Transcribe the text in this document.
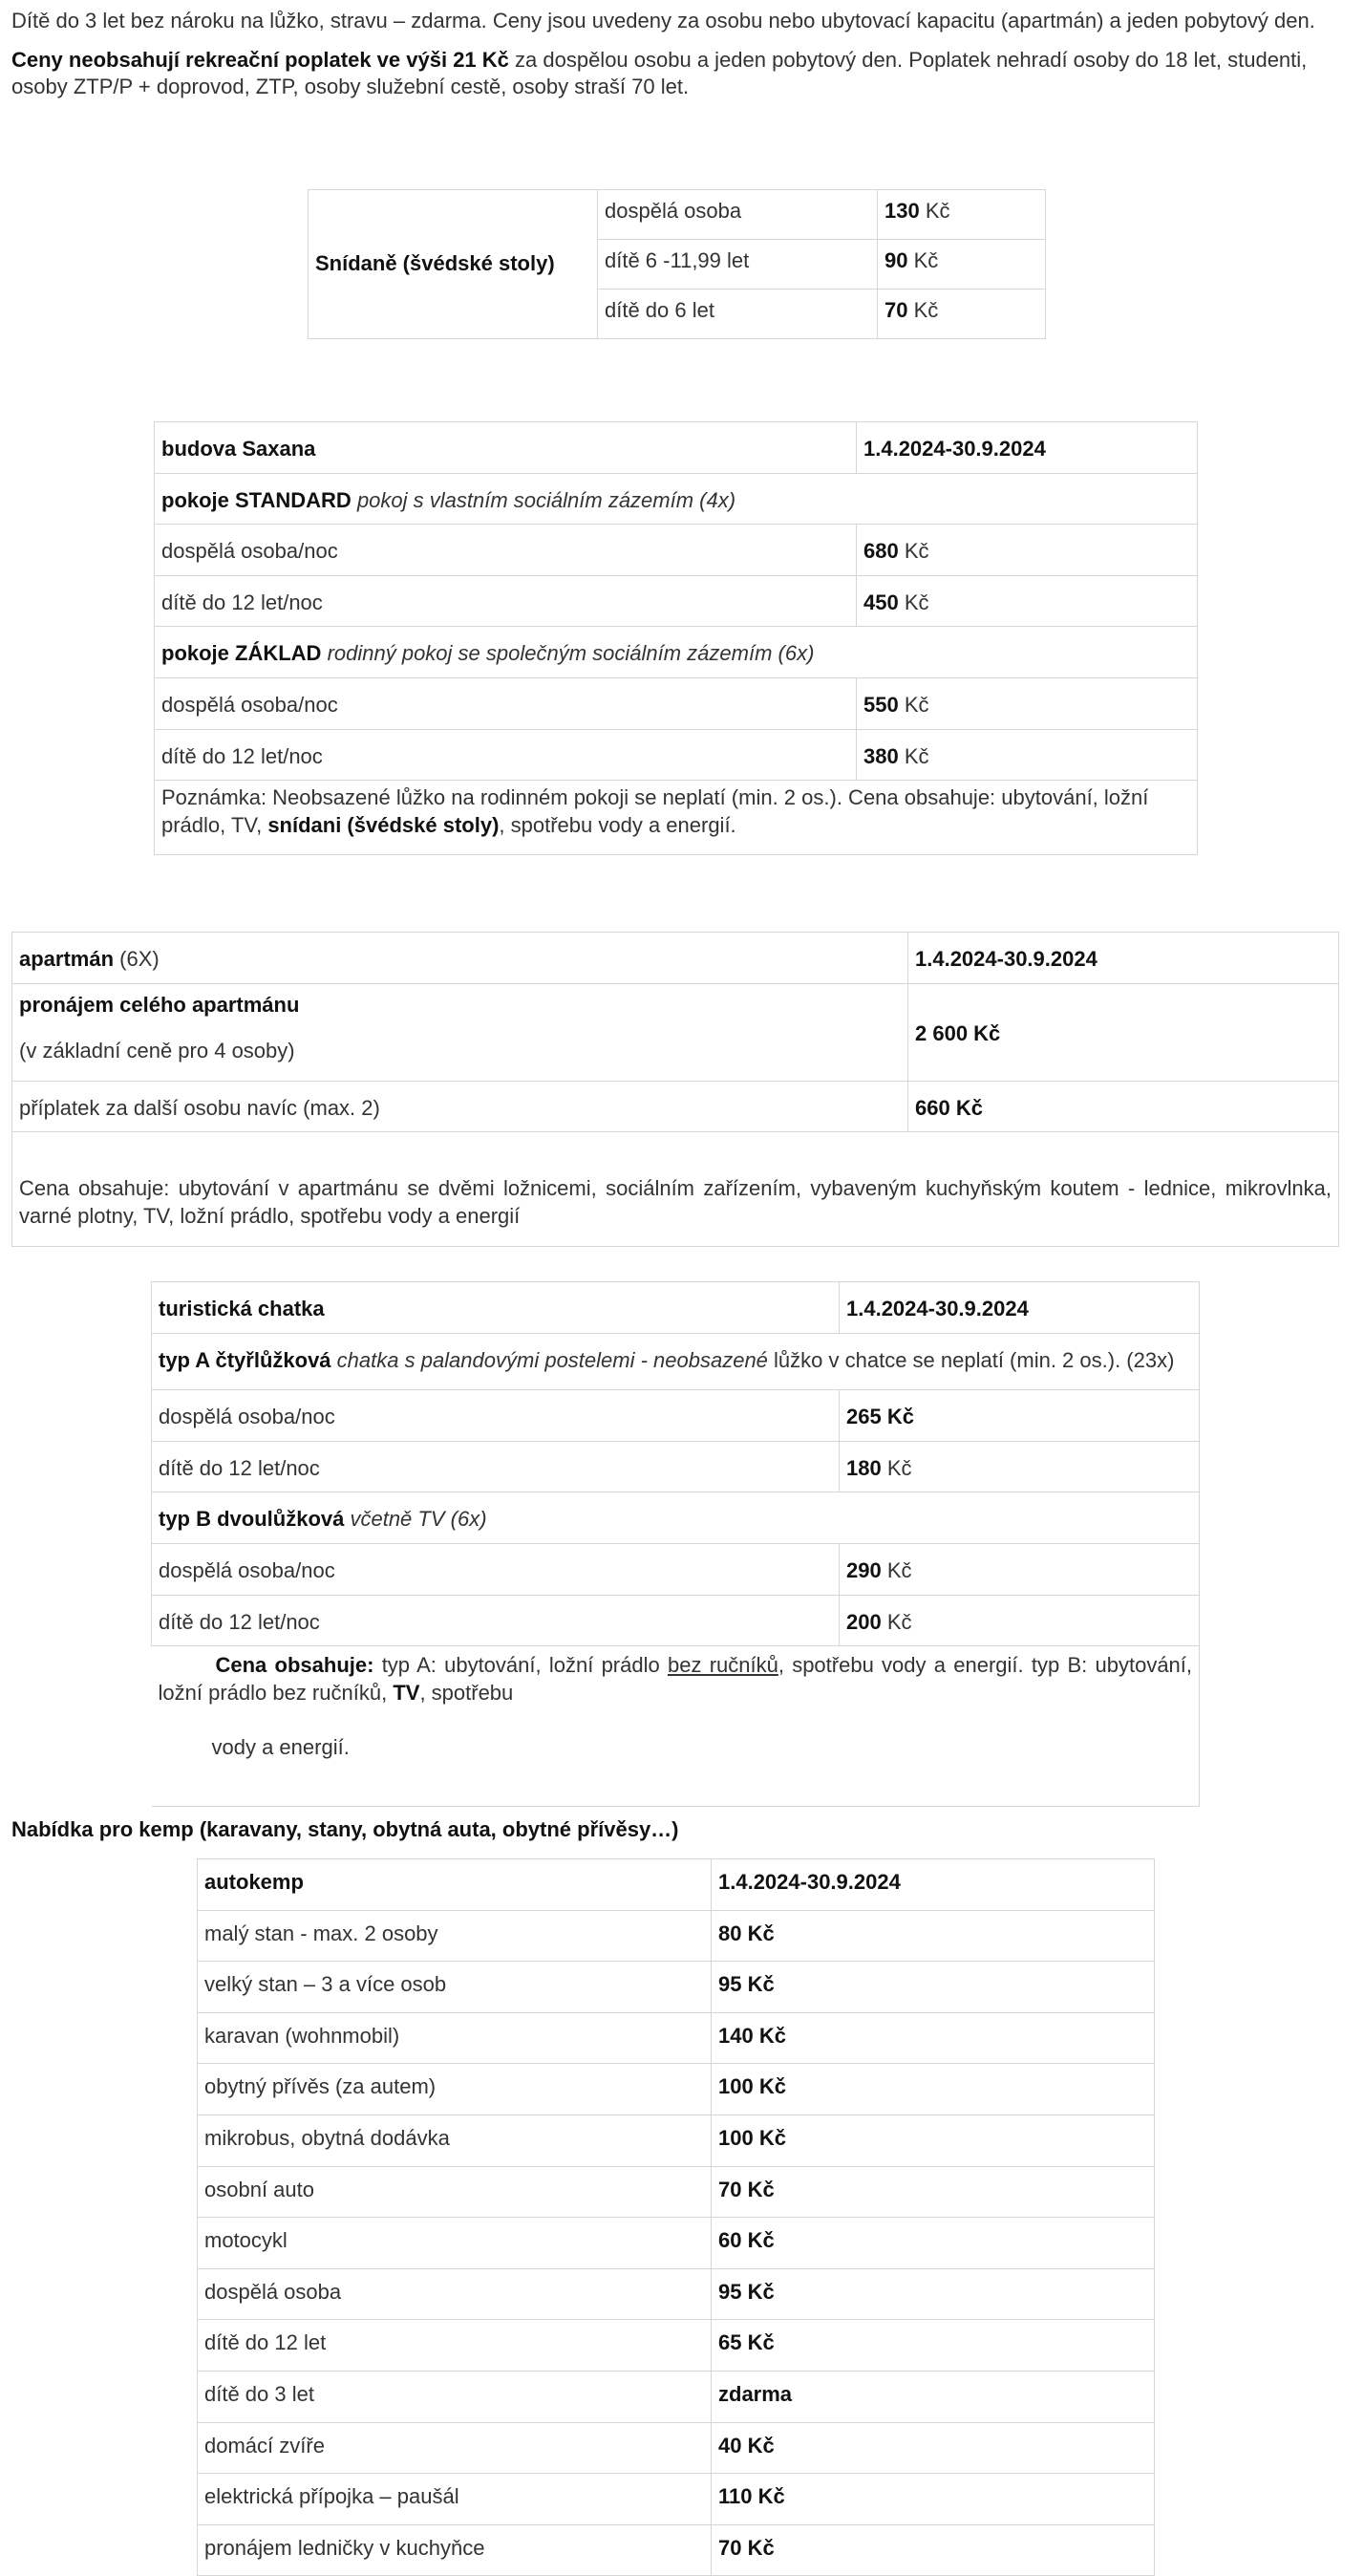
Dítě do 3 let bez nároku na lůžko, stravu – zdarma. Ceny jsou uvedeny za osobu nebo ubytovací kapacitu (apartmán) a jeden pobytový den.

Ceny neobsahují rekreační poplatek ve výši 21 Kč za dospělou osobu a jeden pobytový den. Poplatek nehradí osoby do 18 let, studenti, osoby ZTP/P + doprovod, ZTP, osoby služební cestě, osoby straší 70 let.

Snídaně (švédské stoly)	dospělá osoba	130 Kč
	dítě 6 -11,99 let	90 Kč
	dítě do 6 let	70 Kč
budova Saxana	1.4.2024-30.9.2024
pokoje STANDARD pokoj s vlastním sociálním zázemím (4x)	
dospělá osoba/noc	680 Kč
dítě do 12 let/noc	450 Kč
pokoje ZÁKLAD rodinný pokoj se společným sociálním zázemím (6x)	
dospělá osoba/noc	550 Kč
dítě do 12 let/noc	380 Kč
Poznámka: Neobsazené lůžko na rodinném pokoji se neplatí (min. 2 os.). Cena obsahuje: ubytování, ložní prádlo, TV, snídani (švédské stoly), spotřebu vody a energií.	
apartmán (6X)	1.4.2024-30.9.2024
pronájem celého apartmánu
(v základní ceně pro 4 osoby)	2 600 Kč
příplatek za další osobu navíc (max. 2)	660 Kč
Cena obsahuje: ubytování v apartmánu se dvěmi ložnicemi, sociálním zařízením, vybaveným kuchyňským koutem - lednice, mikrovlnka, varné plotny, TV, ložní prádlo, spotřebu vody a energií	
turistická chatka	1.4.2024-30.9.2024
typ A čtyřlůžková chatka s palandovými postelemi - neobsazené lůžko v chatce se neplatí (min. 2 os.). (23x)	
dospělá osoba/noc	265 Kč
dítě do 12 let/noc	180 Kč
typ B dvoulůžková včetně TV (6x)	
dospělá osoba/noc	290 Kč
dítě do 12 let/noc	200 Kč
Cena obsahuje: typ A: ubytování, ložní prádlo bez ručníků, spotřebu vody a energií. typ B: ubytování, ložní prádlo bez ručníků, TV, spotřebu

vody a energií.	
Nabídka pro kemp (karavany, stany, obytná auta, obytné přívěsy…)
autokemp	1.4.2024-30.9.2024
malý stan - max. 2 osoby	80 Kč
velký stan – 3 a více osob	95 Kč
karavan (wohnmobil)	140 Kč
obytný přívěs (za autem)	100 Kč
mikrobus, obytná dodávka	100 Kč
osobní auto	70 Kč
motocykl	60 Kč
dospělá osoba	95 Kč
dítě do 12 let	65 Kč
dítě do 3 let	zdarma
domácí zvíře	40 Kč
elektrická přípojka – paušál	110 Kč
pronájem ledničky v kuchyňce	70 Kč
